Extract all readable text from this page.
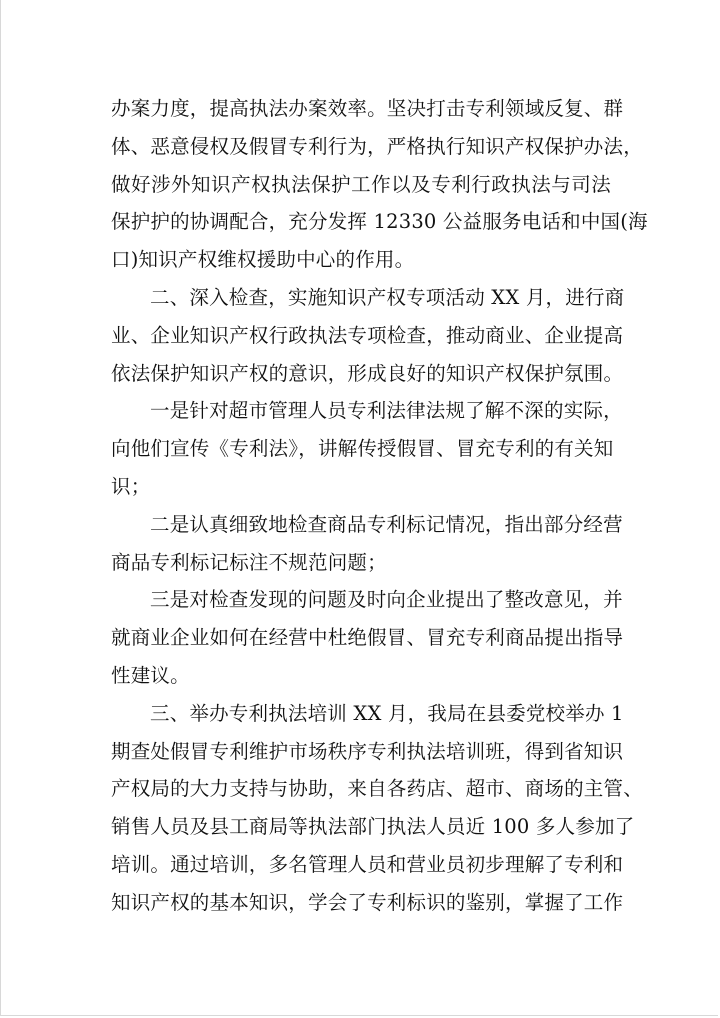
办案力度，提高执法办案效率。坚决打击专利领域反复、群
体、恶意侵权及假冒专利行为，严格执行知识产权保护办法，
做好涉外知识产权执法保护工作以及专利行政执法与司法
保护护的协调配合，充分发挥 12330 公益服务电话和中国(海
口)知识产权维权援助中心的作用。
二、深入检查，实施知识产权专项活动 XX 月，进行商
业、企业知识产权行政执法专项检查，推动商业、企业提高
依法保护知识产权的意识，形成良好的知识产权保护氛围。
一是针对超市管理人员专利法律法规了解不深的实际，
向他们宣传《专利法》，讲解传授假冒、冒充专利的有关知
识；
二是认真细致地检查商品专利标记情况，指出部分经营
商品专利标记标注不规范问题；
三是对检查发现的问题及时向企业提出了整改意见，并
就商业企业如何在经营中杜绝假冒、冒充专利商品提出指导
性建议。
三、举办专利执法培训 XX 月，我局在县委党校举办 1
期查处假冒专利维护市场秩序专利执法培训班，得到省知识
产权局的大力支持与协助，来自各药店、超市、商场的主管、
销售人员及县工商局等执法部门执法人员近 100 多人参加了
培训。通过培训，多名管理人员和营业员初步理解了专利和
知识产权的基本知识，学会了专利标识的鉴别，掌握了工作
